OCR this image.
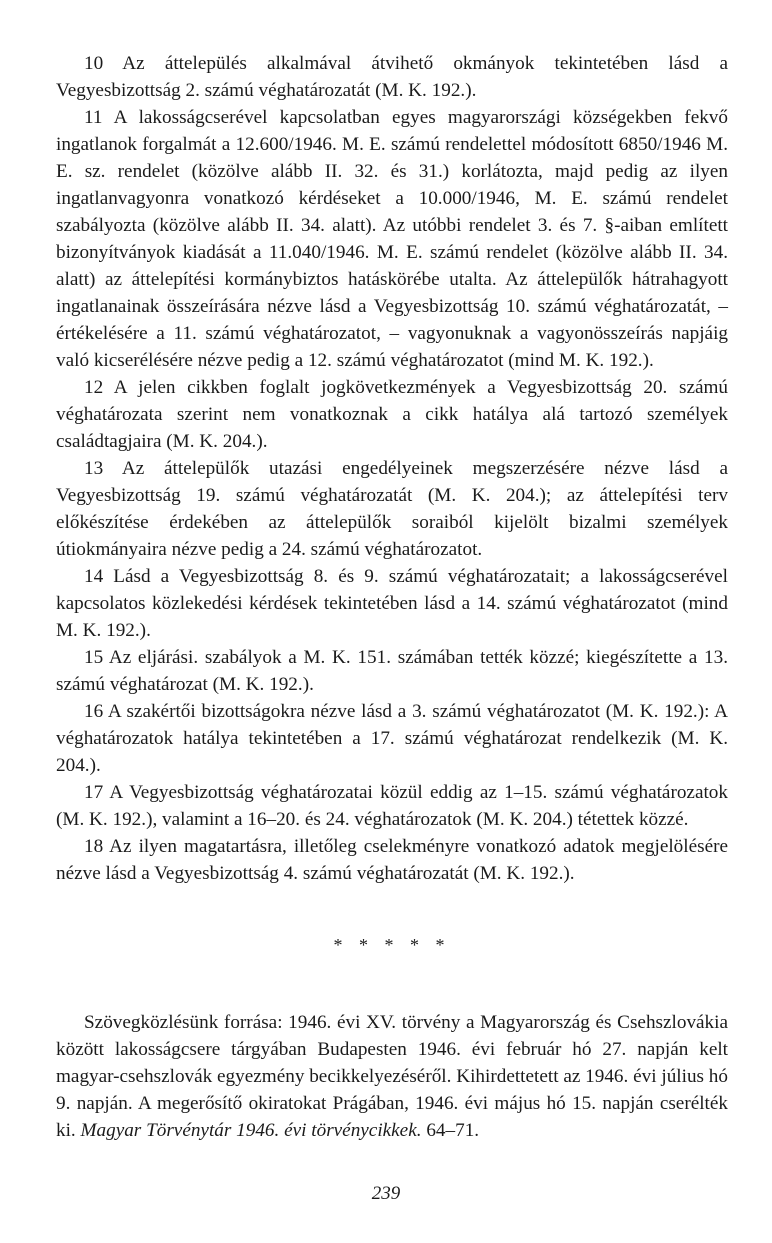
10 Az áttelepülés alkalmával átvihető okmányok tekintetében lásd a Vegyesbizottság 2. számú véghatározatát (M. K. 192.).

11 A lakosságcserével kapcsolatban egyes magyarországi községekben fekvő ingatlanok forgalmát a 12.600/1946. M. E. számú rendelettel módosított 6850/1946 M. E. sz. rendelet (közölve alább II. 32. és 31.) korlátozta, majd pedig az ilyen ingatlanvagyonra vonatkozó kérdéseket a 10.000/1946, M. E. számú rendelet szabályozta (közölve alább II. 34. alatt). Az utóbbi rendelet 3. és 7. §-aiban említett bizonyítványok kiadását a 11.040/1946. M. E. számú rendelet (közölve alább II. 34. alatt) az áttelepítési kormánybiztos hatáskörébe utalta. Az áttelepülők hátrahagyott ingatlanainak összeírására nézve lásd a Vegyesbizottság 10. számú véghatározatát, – értékelésére a 11. számú véghatározatot, – vagyonuknak a vagyonösszeírás napjáig való kicserélésére nézve pedig a 12. számú véghatározatot (mind M. K. 192.).

12 A jelen cikkben foglalt jogkövetkezmények a Vegyesbizottság 20. számú véghatározata szerint nem vonatkoznak a cikk hatálya alá tartozó személyek családtagjaira (M. K. 204.).

13 Az áttelepülők utazási engedélyeinek megszerzésére nézve lásd a Vegyesbizottság 19. számú véghatározatát (M. K. 204.); az áttelepítési terv előkészítése érdekében az áttelepülők soraiból kijelölt bizalmi személyek útiokmányaira nézve pedig a 24. számú véghatározatot.

14 Lásd a Vegyesbizottság 8. és 9. számú véghatározatait; a lakosságcserével kapcsolatos közlekedési kérdések tekintetében lásd a 14. számú véghatározatot (mind M. K. 192.).

15 Az eljárási. szabályok a M. K. 151. számában tették közzé; kiegészítette a 13. számú véghatározat (M. K. 192.).

16 A szakértői bizottságokra nézve lásd a 3. számú véghatározatot (M. K. 192.): A véghatározatok hatálya tekintetében a 17. számú véghatározat rendelkezik (M. K. 204.).

17 A Vegyesbizottság véghatározatai közül eddig az 1–15. számú véghatározatok (M. K. 192.), valamint a 16–20. és 24. véghatározatok (M. K. 204.) tétettek közzé.

18 Az ilyen magatartásra, illetőleg cselekményre vonatkozó adatok megjelölésére nézve lásd a Vegyesbizottság 4. számú véghatározatát (M. K. 192.).

* * * * *

Szövegközlésünk forrása: 1946. évi XV. törvény a Magyarország és Csehszlovákia között lakosságcsere tárgyában Budapesten 1946. évi február hó 27. napján kelt magyar-csehszlovák egyezmény becikkelyezéséről. Kihirdettetett az 1946. évi július hó 9. napján. A megerősítő okiratokat Prágában, 1946. évi május hó 15. napján cserélték ki. Magyar Törvénytár 1946. évi törvénycikkek. 64–71.

239
